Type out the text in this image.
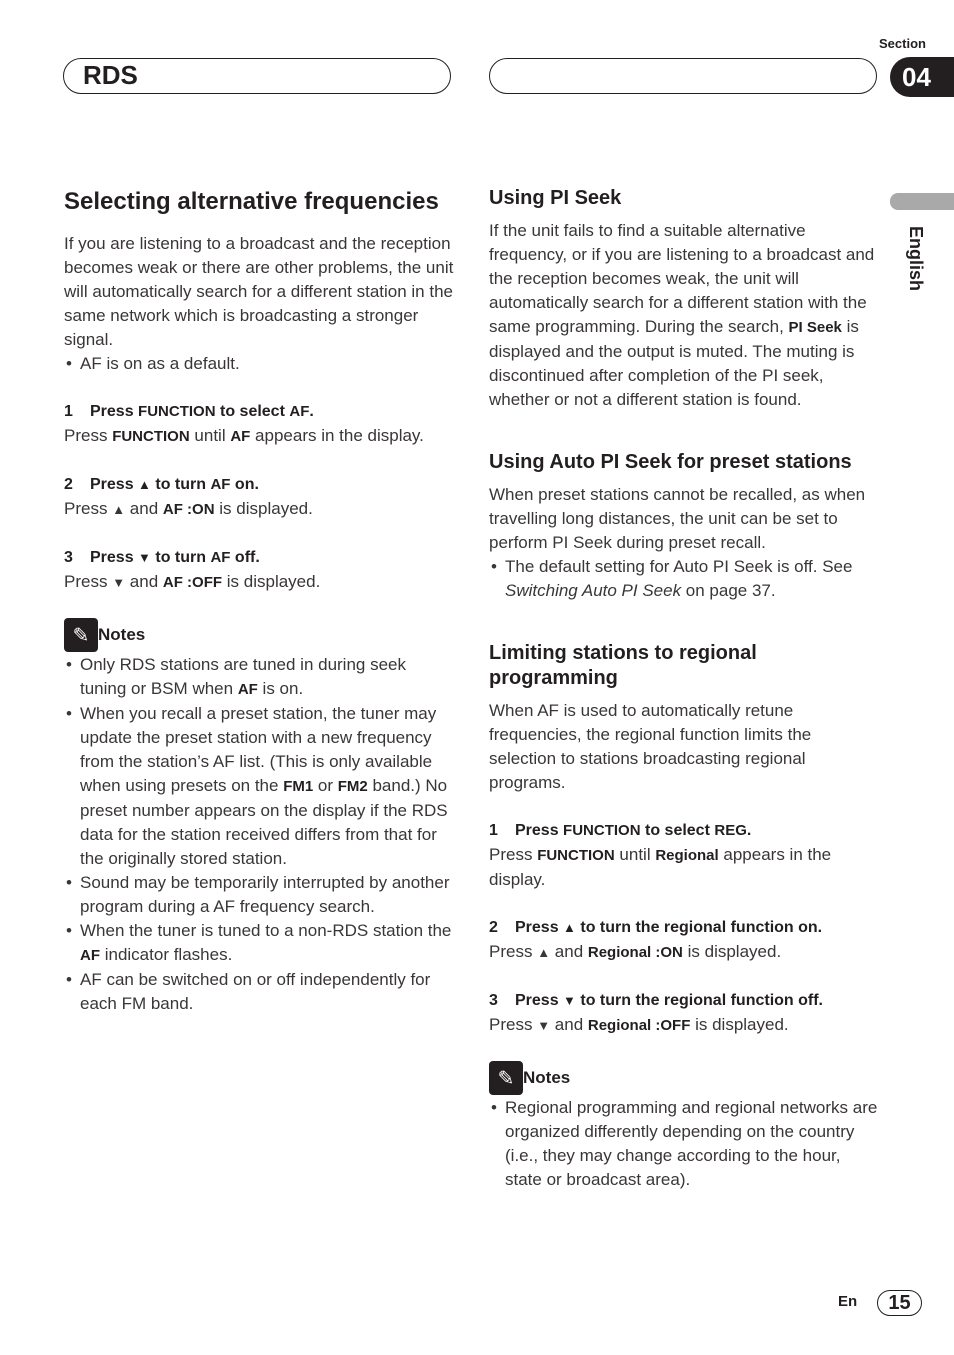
RDS
Section
04
English
Selecting alternative frequencies

If you are listening to a broadcast and the reception becomes weak or there are other problems, the unit will automatically search for a different station in the same network which is broadcasting a stronger signal.

• AF is on as a default.
1 Press FUNCTION to select AF.

Press FUNCTION until AF appears in the display.

2 Press ▲ to turn AF on.

Press ▲ and AF :ON is displayed.

3 Press ▼ to turn AF off.

Press ▼ and AF :OFF is displayed.

✎ Notes
• Only RDS stations are tuned in during seek tuning or BSM when AF is on.
• When you recall a preset station, the tuner may update the preset station with a new frequency from the station’s AF list. (This is only available when using presets on the FM1 or FM2 band.) No preset number appears on the display if the RDS data for the station received differs from that for the originally stored station.
• Sound may be temporarily interrupted by another program during a AF frequency search.
• When the tuner is tuned to a non-RDS station the AF indicator flashes.
• AF can be switched on or off independently for each FM band.
Using PI Seek

If the unit fails to find a suitable alternative frequency, or if you are listening to a broadcast and the reception becomes weak, the unit will automatically search for a different station with the same programming. During the search, PI Seek is displayed and the output is muted. The muting is discontinued after completion of the PI seek, whether or not a different station is found.

Using Auto PI Seek for preset stations

When preset stations cannot be recalled, as when travelling long distances, the unit can be set to perform PI Seek during preset recall.

• The default setting for Auto PI Seek is off. See Switching Auto PI Seek on page 37.
Limiting stations to regional programming

When AF is used to automatically retune frequencies, the regional function limits the selection to stations broadcasting regional programs.

1 Press FUNCTION to select REG.

Press FUNCTION until Regional appears in the display.

2 Press ▲ to turn the regional function on.

Press ▲ and Regional :ON is displayed.

3 Press ▼ to turn the regional function off.

Press ▼ and Regional :OFF is displayed.

✎ Notes
• Regional programming and regional networks are organized differently depending on the country (i.e., they may change according to the hour, state or broadcast area).
En	15
